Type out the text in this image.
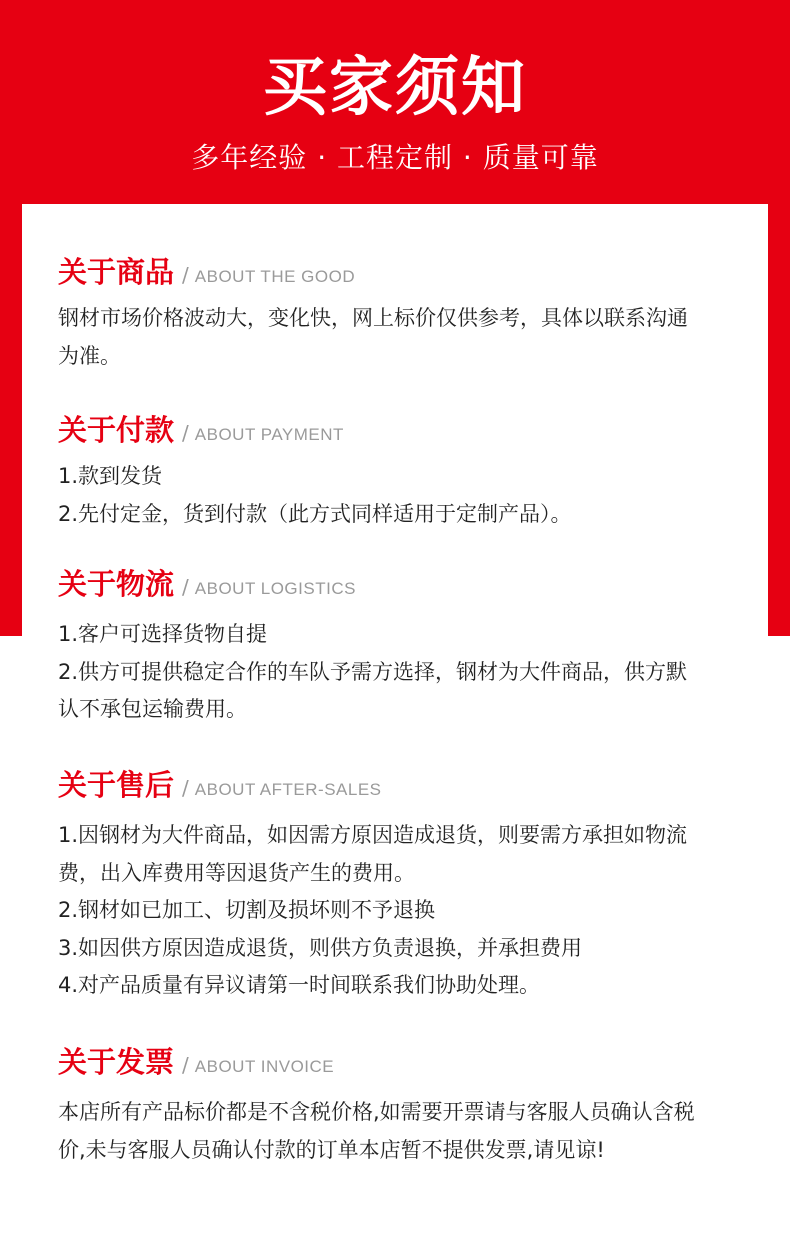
买家须知
多年经验 · 工程定制 · 质量可靠
关于商品 / ABOUT THE GOOD
钢材市场价格波动大，变化快，网上标价仅供参考，具体以联系沟通
为准。
关于付款 / ABOUT PAYMENT
1.款到发货
2.先付定金，货到付款（此方式同样适用于定制产品）。
关于物流 / ABOUT LOGISTICS
1.客户可选择货物自提
2.供方可提供稳定合作的车队予需方选择，钢材为大件商品，供方默
认不承包运输费用。
关于售后 / ABOUT AFTER-SALES
1.因钢材为大件商品，如因需方原因造成退货，则要需方承担如物流
费，出入库费用等因退货产生的费用。
2.钢材如已加工、切割及损坏则不予退换
3.如因供方原因造成退货，则供方负责退换，并承担费用
4.对产品质量有异议请第一时间联系我们协助处理。
关于发票 / ABOUT INVOICE
本店所有产品标价都是不含税价格,如需要开票请与客服人员确认含税
价,未与客服人员确认付款的订单本店暂不提供发票,请见谅!
